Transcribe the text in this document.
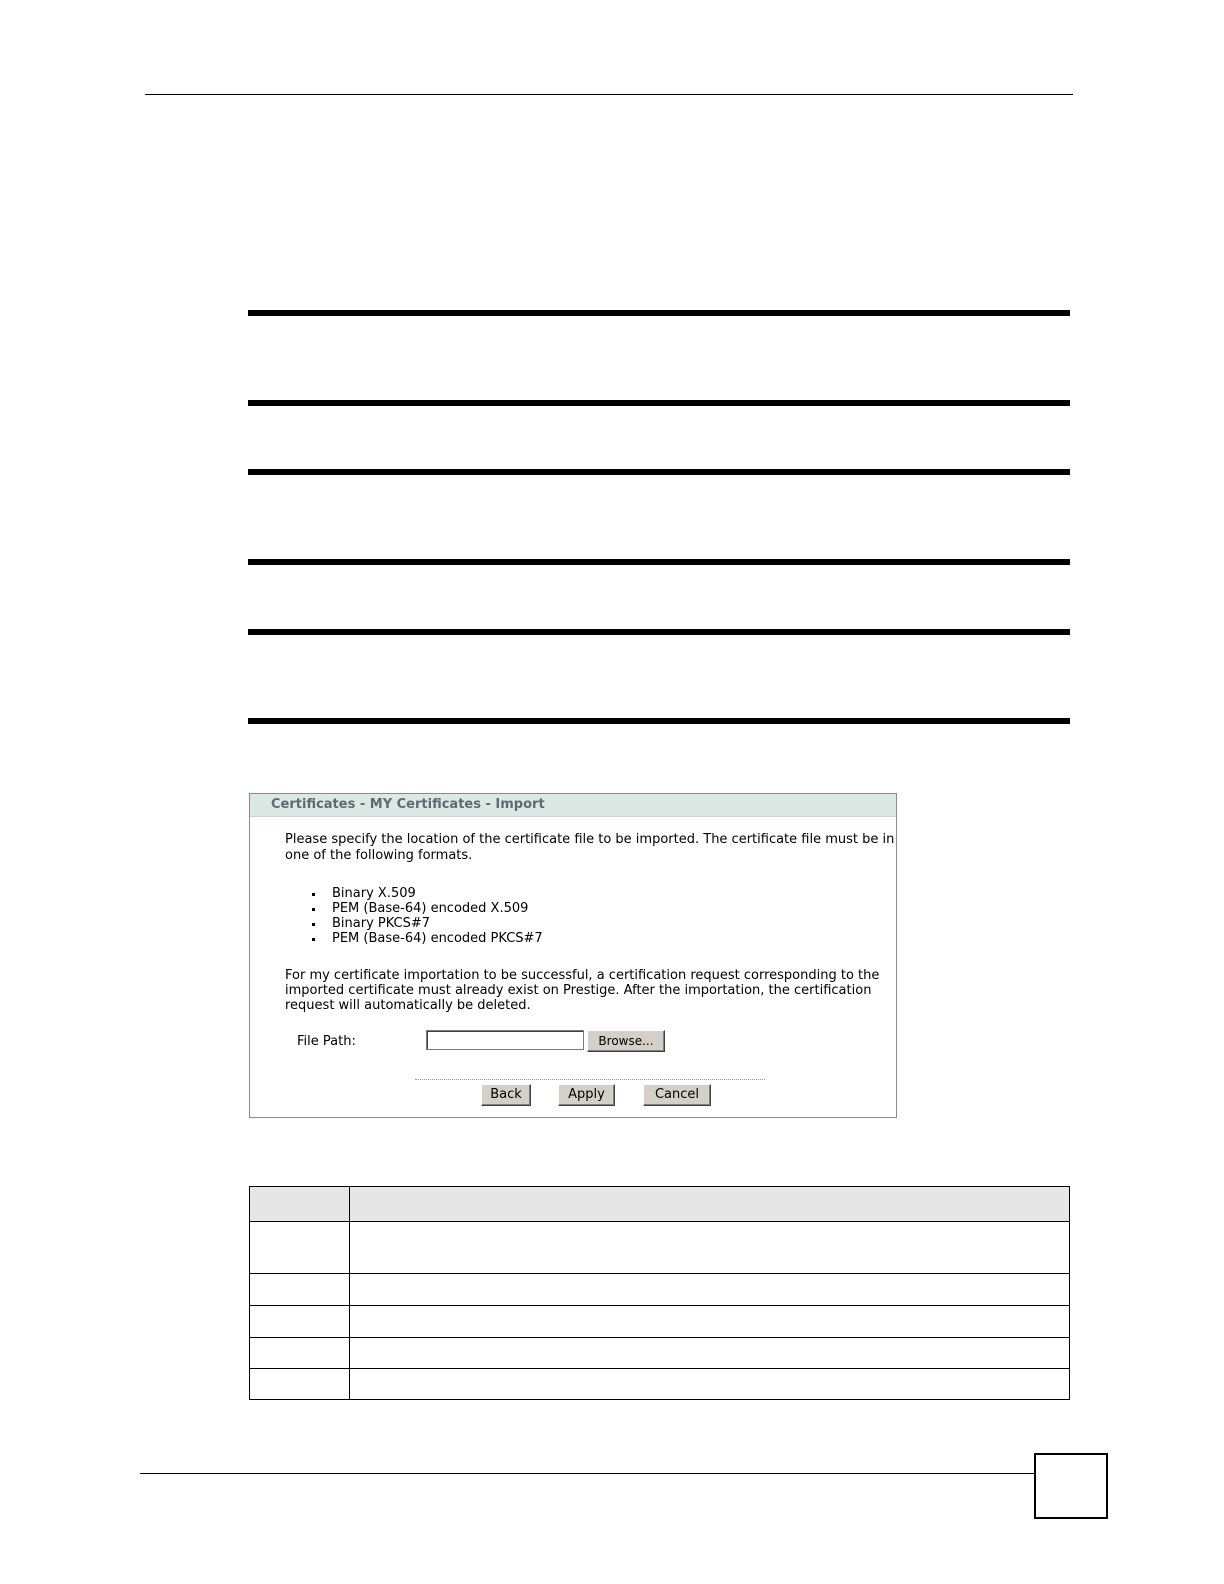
Certificates - MY Certificates - Import
Please specify the location of the certificate file to be imported. The certificate file must be in one of the following formats.
Binary X.509
PEM (Base-64) encoded X.509
Binary PKCS#7
PEM (Base-64) encoded PKCS#7
For my certificate importation to be successful, a certification request corresponding to the imported certificate must already exist on Prestige. After the importation, the certification request will automatically be deleted.
File Path:	Browse...
Back	Apply	Cancel
